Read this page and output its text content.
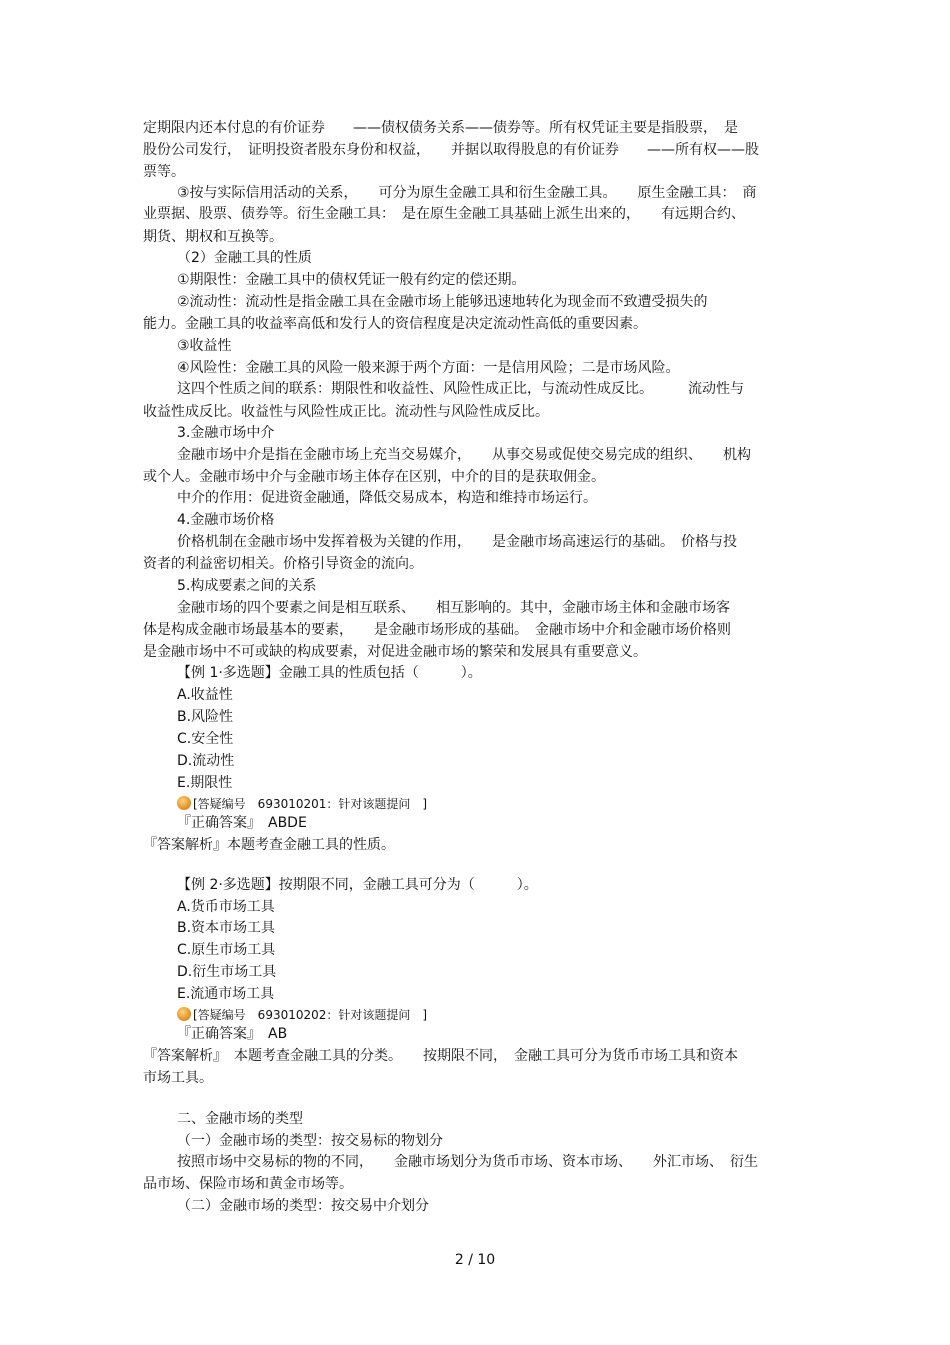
定期限内还本付息的有价证券　　——债权债务关系——债券等。所有权凭证主要是指股票，　是
股份公司发行，　证明投资者股东身份和权益，　　并据以取得股息的有价证券　　——所有权——股
票等。
③按与实际信用活动的关系，　　可分为原生金融工具和衍生金融工具。　　原生金融工具：　商
业票据、股票、债券等。衍生金融工具：　是在原生金融工具基础上派生出来的，　　有远期合约、
期货、期权和互换等。
（2）金融工具的性质
①期限性：金融工具中的债权凭证一般有约定的偿还期。
②流动性：流动性是指金融工具在金融市场上能够迅速地转化为现金而不致遭受损失的
能力。金融工具的收益率高低和发行人的资信程度是决定流动性高低的重要因素。
③收益性
④风险性：金融工具的风险一般来源于两个方面：一是信用风险；二是市场风险。
这四个性质之间的联系：期限性和收益性、风险性成正比，与流动性成反比。　　　流动性与
收益性成反比。收益性与风险性成正比。流动性与风险性成反比。
3.金融市场中介
金融市场中介是指在金融市场上充当交易媒介，　　从事交易或促使交易完成的组织、　　机构
或个人。金融市场中介与金融市场主体存在区别，中介的目的是获取佣金。
中介的作用：促进资金融通，降低交易成本，构造和维持市场运行。
4.金融市场价格
价格机制在金融市场中发挥着极为关键的作用，　　是金融市场高速运行的基础。　价格与投
资者的利益密切相关。价格引导资金的流向。
5.构成要素之间的关系
金融市场的四个要素之间是相互联系、　　相互影响的。其中，金融市场主体和金融市场客
体是构成金融市场最基本的要素，　　是金融市场形成的基础。　金融市场中介和金融市场价格则
是金融市场中不可或缺的构成要素，对促进金融市场的繁荣和发展具有重要意义。
【例 1·多选题】金融工具的性质包括（　　　）。
A.收益性
B.风险性
C.安全性
D.流动性
E.期限性
[答疑编号　693010201：针对该题提问　]
『正确答案』　ABDE
『答案解析』本题考查金融工具的性质。
【例 2·多选题】按期限不同，金融工具可分为（　　　）。
A.货币市场工具
B.资本市场工具
C.原生市场工具
D.衍生市场工具
E.流通市场工具
[答疑编号　693010202：针对该题提问　]
『正确答案』　AB
『答案解析』　本题考查金融工具的分类。　　按期限不同，　金融工具可分为货币市场工具和资本
市场工具。
二、金融市场的类型
（一）金融市场的类型：按交易标的物划分
按照市场中交易标的物的不同，　　金融市场划分为货币市场、资本市场、　　外汇市场、　衍生
品市场、保险市场和黄金市场等。
（二）金融市场的类型：按交易中介划分
2 / 10
